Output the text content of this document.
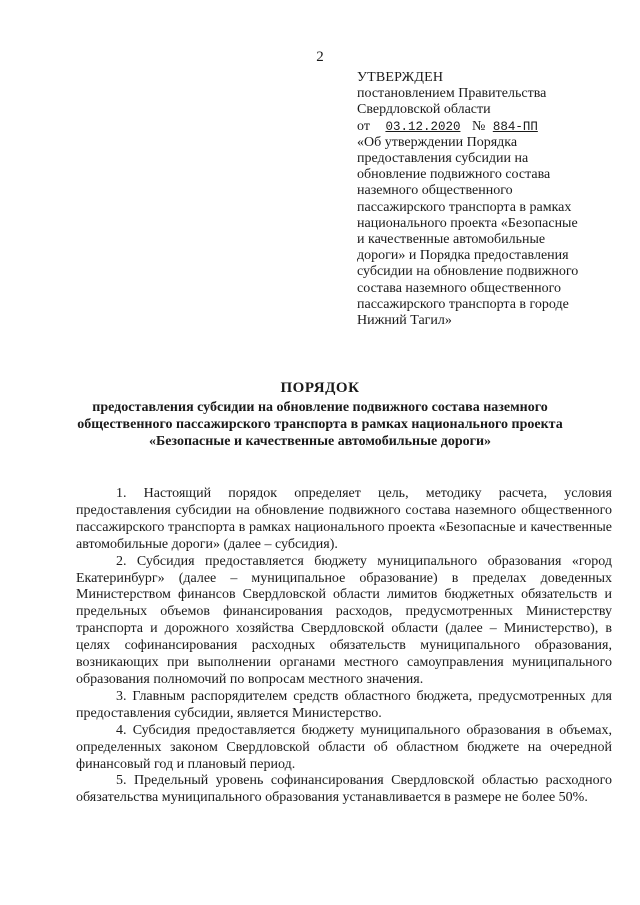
2
УТВЕРЖДЕН
постановлением Правительства
Свердловской области
от 03.12.2020 № 884-ПП
«Об утверждении Порядка
предоставления субсидии на
обновление подвижного состава
наземного общественного
пассажирского транспорта в рамках
национального проекта «Безопасные
и качественные автомобильные
дороги» и Порядка предоставления
субсидии на обновление подвижного
состава наземного общественного
пассажирского транспорта в городе
Нижний Тагил»
ПОРЯДОК
предоставления субсидии на обновление подвижного состава наземного
общественного пассажирского транспорта в рамках национального проекта
«Безопасные и качественные автомобильные дороги»

1. Настоящий порядок определяет цель, методику расчета, условия предоставления субсидии на обновление подвижного состава наземного общественного пассажирского транспорта в рамках национального проекта «Безопасные и качественные автомобильные дороги» (далее – субсидия).

2. Субсидия предоставляется бюджету муниципального образования «город Екатеринбург» (далее – муниципальное образование) в пределах доведенных Министерством финансов Свердловской области лимитов бюджетных обязательств и предельных объемов финансирования расходов, предусмотренных Министерству транспорта и дорожного хозяйства Свердловской области (далее – Министерство), в целях софинансирования расходных обязательств муниципального образования, возникающих при выполнении органами местного самоуправления муниципального образования полномочий по вопросам местного значения.

3. Главным распорядителем средств областного бюджета, предусмотренных для предоставления субсидии, является Министерство.

4. Субсидия предоставляется бюджету муниципального образования в объемах, определенных законом Свердловской области об областном бюджете на очередной финансовый год и плановый период.

5. Предельный уровень софинансирования Свердловской областью расходного обязательства муниципального образования устанавливается в размере не более 50%.
